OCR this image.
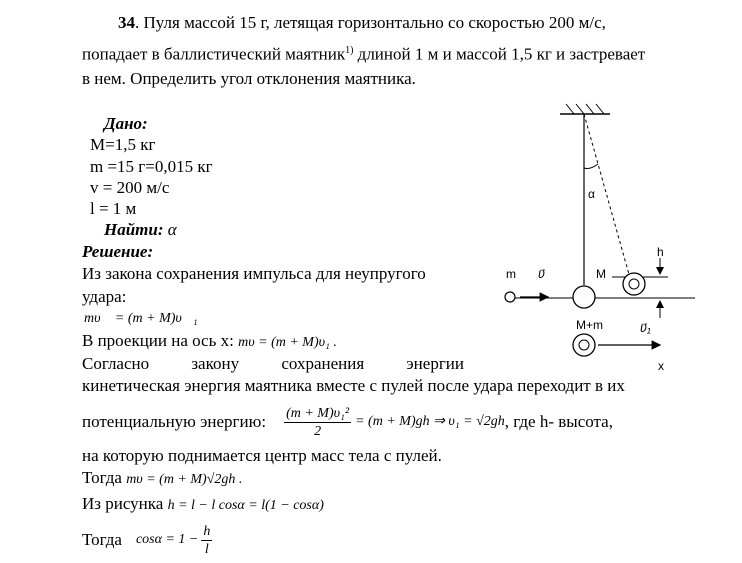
34. Пуля массой 15 г, летящая горизонтально со скоростью 200 м/с,
попадает в баллистический маятник$^{1)}$ длиной 1 м и массой 1,5 кг и застревает
в нем. Определить угол отклонения маятника.
Дано:
M=1,5 кг
m =15 г=0,015 кг
v = 200 м/с
l = 1 м
Найти: α
Решение:
Из закона сохранения импульса для неупругого
удара:
mυ⃗ = (m + M)υ⃗₁
В проекции на ось х: mυ = (m + M)υ₁ .
Согласно закону сохранения энергии
кинетическая энергия маятника вместе с пулей после удара переходит в их
потенциальную энергию: $\frac{\text{(m + M)υ₁²}}{2} = (m + M)gh$ ⇒ υ₁ = √2gh , где h- высота,
на которую поднимается центр масс тела с пулей.
Тогда mυ = (m + M)√2gh .
Из рисунка h = l − l cosα = l(1 − cosα)
Тогда $\cos\alpha = 1 - \frac{h}{l}$
α
m υ⃗	M
h
M+m	υ⃗₁
x
